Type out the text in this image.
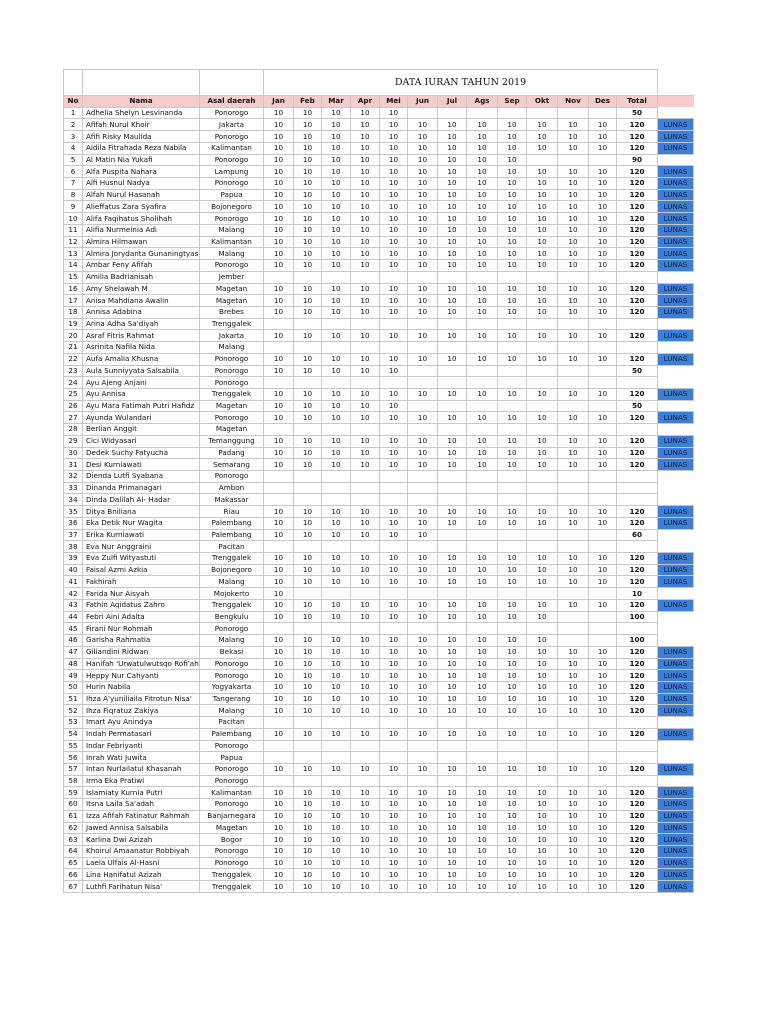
			DATA IURAN TAHUN 2019													
No	Nama	Asal daerah	Jan	Feb	Mar	Apr	Mei	Jun	Jul	Ags	Sep	Okt	Nov	Des	Total	
1	Adhelia Shelyn Lesvinanda	Ponorogo	10	10	10	10	10								50	
2	Afifah Nurul Khoir	Jakarta	10	10	10	10	10	10	10	10	10	10	10	10	120	LUNAS
3	Afifi Risky Maulida	Ponorogo	10	10	10	10	10	10	10	10	10	10	10	10	120	LUNAS
4	Aidila Fitrahada Reza Nabila	Kalimantan	10	10	10	10	10	10	10	10	10	10	10	10	120	LUNAS
5	Al Matin Nia Yukafi	Ponorogo	10	10	10	10	10	10	10	10	10				90	
6	Alfa Puspita Nahara	Lampung	10	10	10	10	10	10	10	10	10	10	10	10	120	LUNAS
7	Alfi Husnul Nadya	Ponorogo	10	10	10	10	10	10	10	10	10	10	10	10	120	LUNAS
8	Alfah Nurul Hasanah	Papua	10	10	10	10	10	10	10	10	10	10	10	10	120	LUNAS
9	Alieffatus Zara Syafira	Bojonegoro	10	10	10	10	10	10	10	10	10	10	10	10	120	LUNAS
10	Alifa Faqihatus Sholihah	Ponorogo	10	10	10	10	10	10	10	10	10	10	10	10	120	LUNAS
11	Alifia Nurmeinia Adi	Malang	10	10	10	10	10	10	10	10	10	10	10	10	120	LUNAS
12	Almira Hilmawan	Kalimantan	10	10	10	10	10	10	10	10	10	10	10	10	120	LUNAS
13	Almira Jorydanta Gunaningtyas	Malang	10	10	10	10	10	10	10	10	10	10	10	10	120	LUNAS
14	Ambar Feny Afifah	Ponorogo	10	10	10	10	10	10	10	10	10	10	10	10	120	LUNAS
15	Amilia Badrianisah	Jember														
16	Amy Shelawah M	Magetan	10	10	10	10	10	10	10	10	10	10	10	10	120	LUNAS
17	Anisa Mahdiana Awalin	Magetan	10	10	10	10	10	10	10	10	10	10	10	10	120	LUNAS
18	Annisa Adabina	Brebes	10	10	10	10	10	10	10	10	10	10	10	10	120	LUNAS
19	Arina Adha Sa'diyah	Trenggalek														
20	Asraf Fitris Rahmat	Jakarta	10	10	10	10	10	10	10	10	10	10	10	10	120	LUNAS
21	Asrinita Nafila Nida	Malang														
22	Aufa Amalia Khusna	Ponorogo	10	10	10	10	10	10	10	10	10	10	10	10	120	LUNAS
23	Aula Sunniyyata Salsabila	Ponorogo	10	10	10	10	10								50	
24	Ayu Ajeng Anjani	Ponorogo														
25	Ayu Annisa	Trenggalek	10	10	10	10	10	10	10	10	10	10	10	10	120	LUNAS
26	Ayu Mara Fatimah Putri Hafidz	Magetan	10	10	10	10	10								50	
27	Ayunda Wulandari	Ponorogo	10	10	10	10	10	10	10	10	10	10	10	10	120	LUNAS
28	Berlian Anggit	Magetan														
29	Cici Widyasari	Temanggung	10	10	10	10	10	10	10	10	10	10	10	10	120	LUNAS
30	Dedek Suchy Fatyucha	Padang	10	10	10	10	10	10	10	10	10	10	10	10	120	LUNAS
31	Desi Kurniawati	Semarang	10	10	10	10	10	10	10	10	10	10	10	10	120	LUNAS
32	Dienda Lutfi Syabana	Ponorogo														
33	Dinanda Primanagari	Ambon														
34	Dinda Dalilah Al- Hadar	Makassar														
35	Ditya Bniliana	Riau	10	10	10	10	10	10	10	10	10	10	10	10	120	LUNAS
36	Eka Detik Nur Wagita	Palembang	10	10	10	10	10	10	10	10	10	10	10	10	120	LUNAS
37	Erika Kurniawati	Palembang	10	10	10	10	10	10							60	
38	Eva Nur Anggraini	Pacitan														
39	Eva Zulfi Wityastuti	Trenggalek	10	10	10	10	10	10	10	10	10	10	10	10	120	LUNAS
40	Faisal Azmi Azkia	Bojonegoro	10	10	10	10	10	10	10	10	10	10	10	10	120	LUNAS
41	Fakhirah	Malang	10	10	10	10	10	10	10	10	10	10	10	10	120	LUNAS
42	Farida Nur Aisyah	Mojokerto	10												10	
43	Fathin Aqidatus Zahro	Trenggalek	10	10	10	10	10	10	10	10	10	10	10	10	120	LUNAS
44	Febri Aini Adalta	Bengkulu	10	10	10	10	10	10	10	10	10	10			100	
45	Firani Nur Rohmah	Ponorogo														
46	Garisha Rahmatia	Malang	10	10	10	10	10	10	10	10	10	10			100	
47	Giliandini Ridwan	Bekasi	10	10	10	10	10	10	10	10	10	10	10	10	120	LUNAS
48	Hanifah 'Urwatulwutsqo Rofi'ah	Ponorogo	10	10	10	10	10	10	10	10	10	10	10	10	120	LUNAS
49	Heppy Nur Cahyanti	Ponorogo	10	10	10	10	10	10	10	10	10	10	10	10	120	LUNAS
50	Hurin Nabila	Yogyakarta	10	10	10	10	10	10	10	10	10	10	10	10	120	LUNAS
51	Ihza A'yuniliaila Fitrotun Nisa'	Tangerang	10	10	10	10	10	10	10	10	10	10	10	10	120	LUNAS
52	Ihza Fiqratuz Zakiya	Malang	10	10	10	10	10	10	10	10	10	10	10	10	120	LUNAS
53	Imart Ayu Anindya	Pacitan														
54	Indah Permatasari	Palembang	10	10	10	10	10	10	10	10	10	10	10	10	120	LUNAS
55	Indar Febriyanti	Ponorogo														
56	Inrah Wati Juwita	Papua														
57	Intan Nurlailatul Khasanah	Ponorogo	10	10	10	10	10	10	10	10	10	10	10	10	120	LUNAS
58	Irma Eka Pratiwi	Ponorogo														
59	Islamiaty Kurnia Putri	Kalimantan	10	10	10	10	10	10	10	10	10	10	10	10	120	LUNAS
60	Itsna Laila Sa'adah	Ponorogo	10	10	10	10	10	10	10	10	10	10	10	10	120	LUNAS
61	Izza Afifah Fatinatur Rahmah	Banjarnegara	10	10	10	10	10	10	10	10	10	10	10	10	120	LUNAS
62	Jawed Annisa Salsabila	Magetan	10	10	10	10	10	10	10	10	10	10	10	10	120	LUNAS
63	Karlina Dwi Azizah	Bogor	10	10	10	10	10	10	10	10	10	10	10	10	120	LUNAS
64	Khoirul Amaanatur Robbiyah	Ponorogo	10	10	10	10	10	10	10	10	10	10	10	10	120	LUNAS
65	Laela Ulfais Al-Hasni	Ponorogo	10	10	10	10	10	10	10	10	10	10	10	10	120	LUNAS
66	Lina Hanifatul Azizah	Trenggalek	10	10	10	10	10	10	10	10	10	10	10	10	120	LUNAS
67	Luthfi Farihatun Nisa'	Trenggalek	10	10	10	10	10	10	10	10	10	10	10	10	120	LUNAS
